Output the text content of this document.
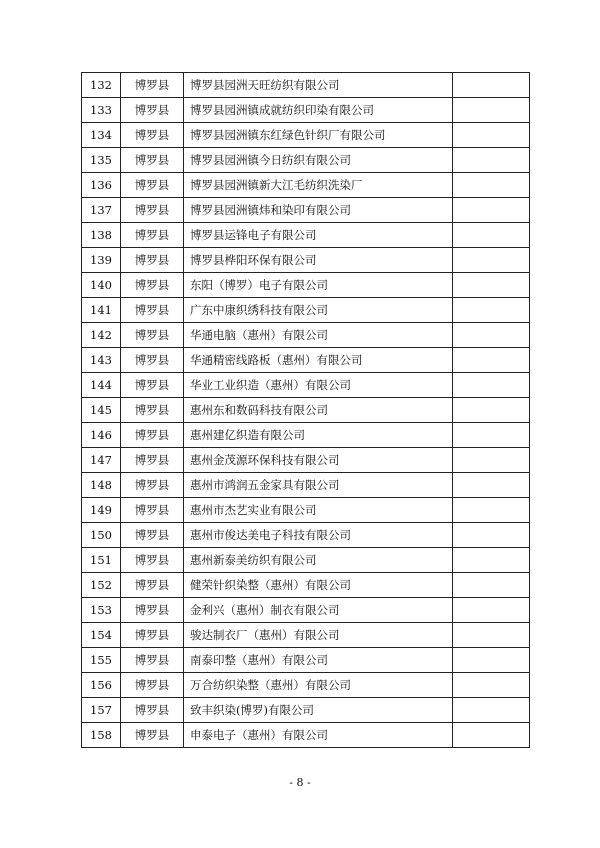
132	博罗县	博罗县园洲天旺纺织有限公司	
133	博罗县	博罗县园洲镇成就纺织印染有限公司	
134	博罗县	博罗县园洲镇东红绿色针织厂有限公司	
135	博罗县	博罗县园洲镇今日纺织有限公司	
136	博罗县	博罗县园洲镇新大江毛纺织洗染厂	
137	博罗县	博罗县园洲镇炜和染印有限公司	
138	博罗县	博罗县运锋电子有限公司	
139	博罗县	博罗县桦阳环保有限公司	
140	博罗县	东阳（博罗）电子有限公司	
141	博罗县	广东中康织绣科技有限公司	
142	博罗县	华通电脑（惠州）有限公司	
143	博罗县	华通精密线路板（惠州）有限公司	
144	博罗县	华业工业织造（惠州）有限公司	
145	博罗县	惠州东和数码科技有限公司	
146	博罗县	惠州建亿织造有限公司	
147	博罗县	惠州金茂源环保科技有限公司	
148	博罗县	惠州市鸿润五金家具有限公司	
149	博罗县	惠州市杰艺实业有限公司	
150	博罗县	惠州市俊达美电子科技有限公司	
151	博罗县	惠州新泰美纺织有限公司	
152	博罗县	健荣针织染整（惠州）有限公司	
153	博罗县	金利兴（惠州）制衣有限公司	
154	博罗县	骏达制衣厂（惠州）有限公司	
155	博罗县	南泰印整（惠州）有限公司	
156	博罗县	万合纺织染整（惠州）有限公司	
157	博罗县	致丰织染(博罗)有限公司	
158	博罗县	申泰电子（惠州）有限公司	
- 8 -
